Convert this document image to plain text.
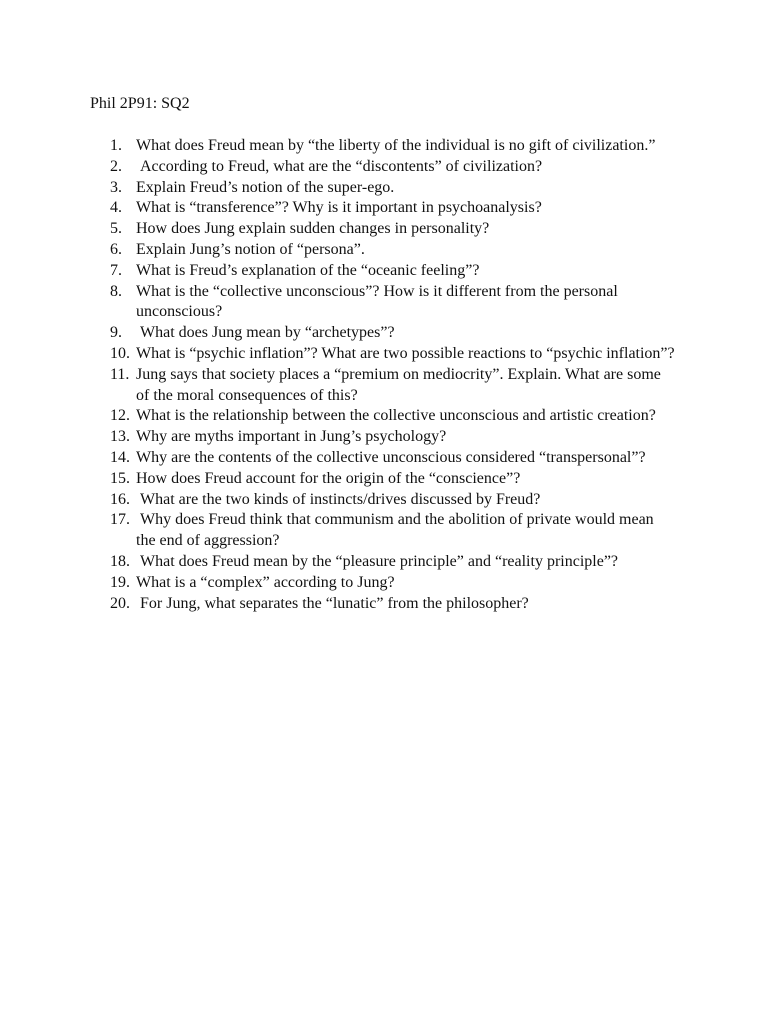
Phil 2P91: SQ2
1. What does Freud mean by “the liberty of the individual is no gift of civilization.”
2. According to Freud, what are the “discontents” of civilization?
3. Explain Freud’s notion of the super-ego.
4. What is “transference”? Why is it important in psychoanalysis?
5. How does Jung explain sudden changes in personality?
6. Explain Jung’s notion of “persona”.
7. What is Freud’s explanation of the “oceanic feeling”?
8. What is the “collective unconscious”? How is it different from the personal unconscious?
9. What does Jung mean by “archetypes”?
10. What is “psychic inflation”? What are two possible reactions to “psychic inflation”?
11. Jung says that society places a “premium on mediocrity”. Explain. What are some of the moral consequences of this?
12. What is the relationship between the collective unconscious and artistic creation?
13. Why are myths important in Jung’s psychology?
14. Why are the contents of the collective unconscious considered “transpersonal”?
15. How does Freud account for the origin of the “conscience”?
16. What are the two kinds of instincts/drives discussed by Freud?
17. Why does Freud think that communism and the abolition of private would mean the end of aggression?
18. What does Freud mean by the “pleasure principle” and “reality principle”?
19. What is a “complex” according to Jung?
20. For Jung, what separates the “lunatic” from the philosopher?
